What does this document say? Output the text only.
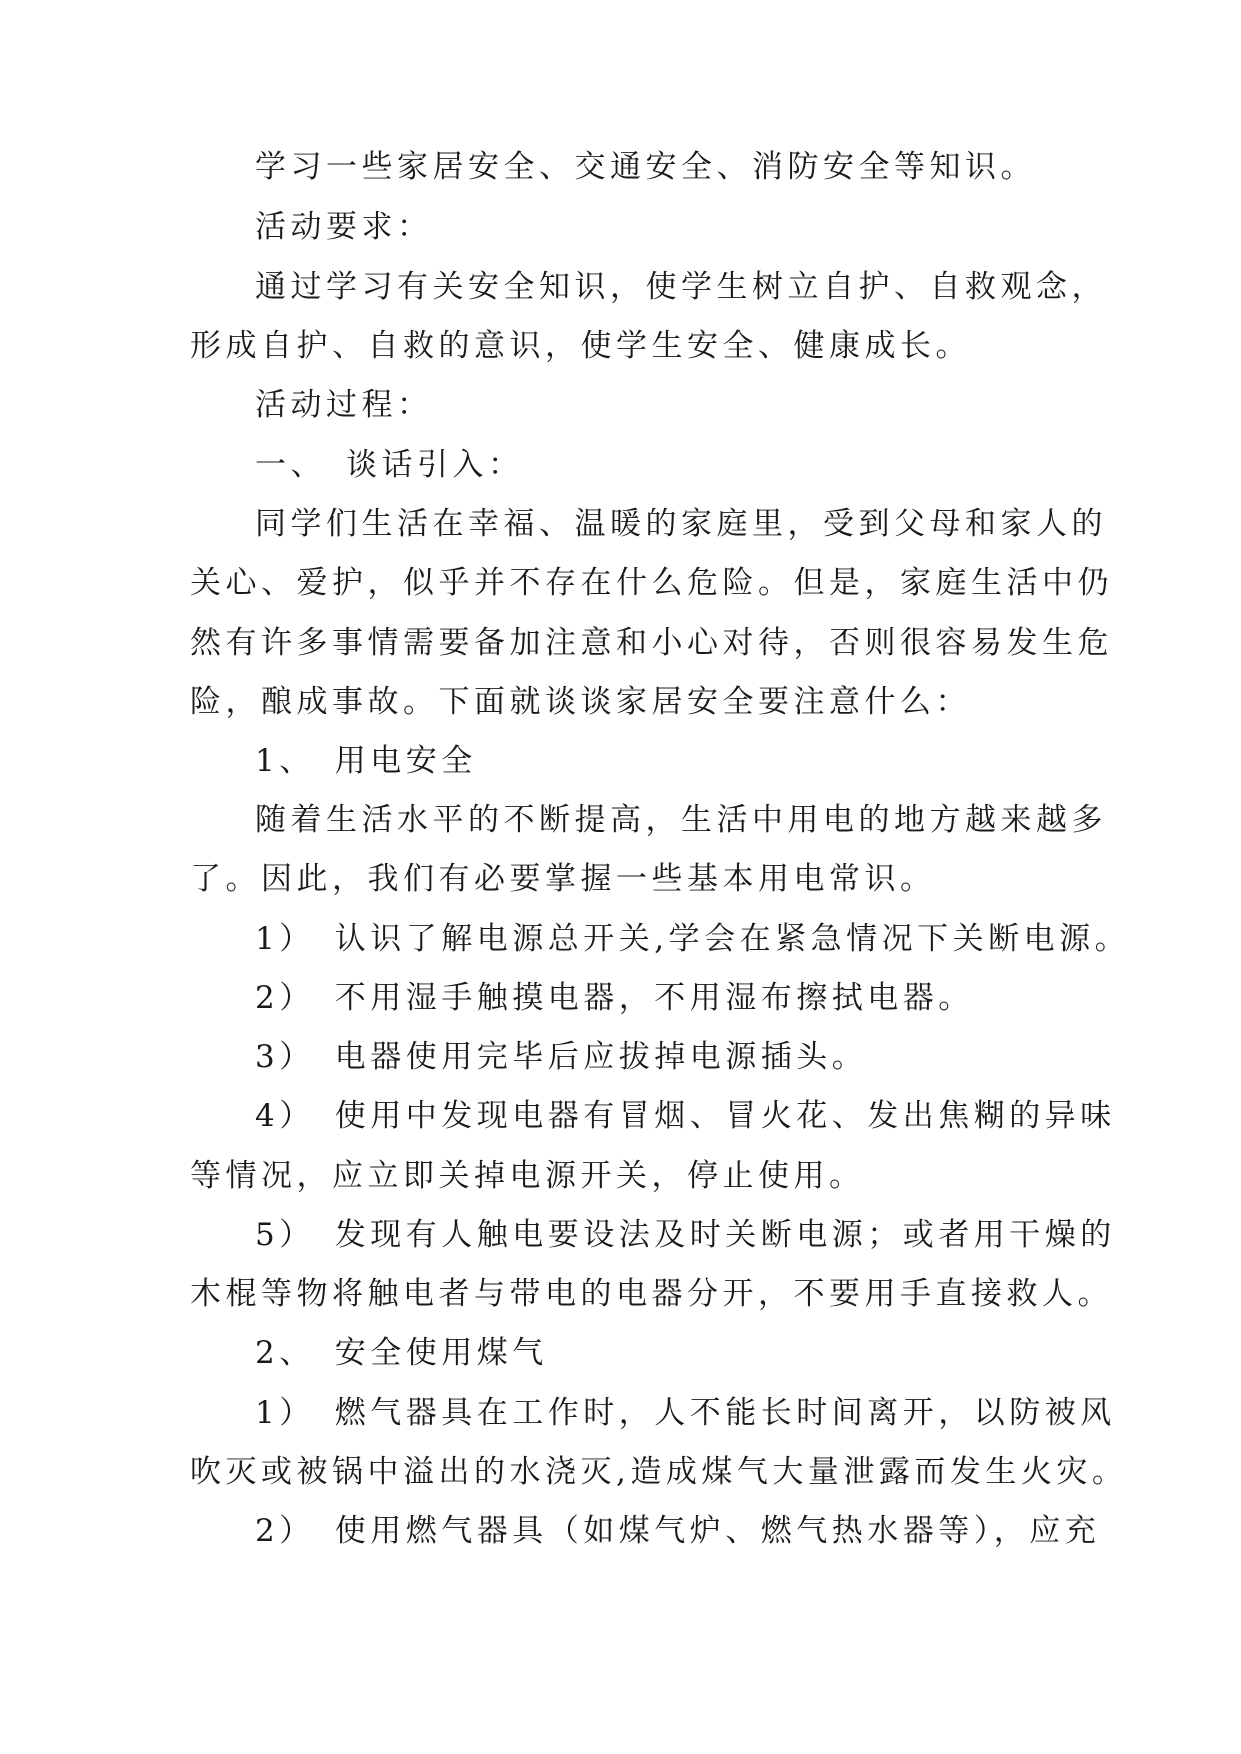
学习一些家居安全、交通安全、消防安全等知识。
活动要求：
通过学习有关安全知识，使学生树立自护、自救观念，
形成自护、自救的意识，使学生安全、健康成长。
活动过程：
一、　谈话引入：
同学们生活在幸福、温暖的家庭里，受到父母和家人的
关心、爱护，似乎并不存在什么危险。但是，家庭生活中仍
然有许多事情需要备加注意和小心对待，否则很容易发生危
险，酿成事故。下面就谈谈家居安全要注意什么：
1、　用电安全
随着生活水平的不断提高，生活中用电的地方越来越多
了。因此，我们有必要掌握一些基本用电常识。
1）　认识了解电源总开关,学会在紧急情况下关断电源。
2）　不用湿手触摸电器，不用湿布擦拭电器。
3）　电器使用完毕后应拔掉电源插头。
4）　使用中发现电器有冒烟、冒火花、发出焦糊的异味
等情况，应立即关掉电源开关，停止使用。
5）　发现有人触电要设法及时关断电源；或者用干燥的
木棍等物将触电者与带电的电器分开，不要用手直接救人。
2、　安全使用煤气
1）　燃气器具在工作时，人不能长时间离开，以防被风
吹灭或被锅中溢出的水浇灭,造成煤气大量泄露而发生火灾。
2）　使用燃气器具（如煤气炉、燃气热水器等），应充
